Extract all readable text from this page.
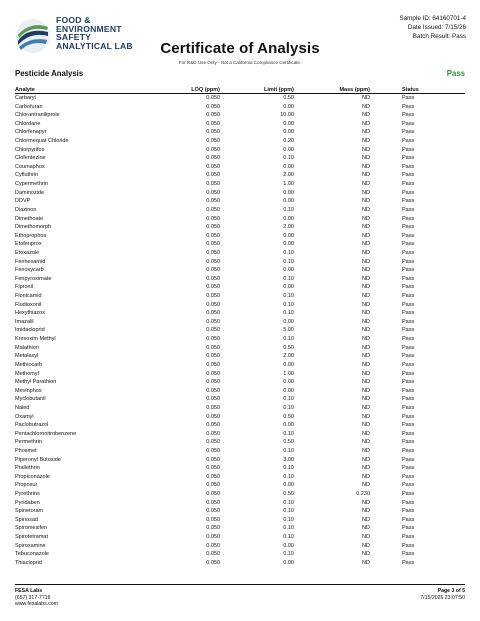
FOOD &
ENVIRONMENT
SAFETY
ANALYTICAL LAB	Certificate of Analysis
Sample ID: 64160701-4
Date Issued: 7/15/26
Batch Result: Pass
For R&D Use Only - Not a California Compliance Certificate.
Pesticide Analysis	Pass
Analyte	LOQ (ppm)	Limit (ppm)	Mass (ppm)	Status
Carbaryl	0.050	0.50	ND	Pass
Carbofuran	0.050	0.00	ND	Pass
Chlorantraniliprole	0.050	10.00	ND	Pass
Chlordane	0.050	0.00	ND	Pass
Chlorfenapyr	0.050	0.00	ND	Pass
Chlormequat Chloride	0.050	0.20	ND	Pass
Chlorpyrifos	0.050	0.00	ND	Pass
Clofentezine	0.050	0.10	ND	Pass
Coumaphos	0.050	0.00	ND	Pass
Cyfluthrin	0.050	2.00	ND	Pass
Cypermethrin	0.050	1.00	ND	Pass
Daminozide	0.050	0.00	ND	Pass
DDVP	0.050	0.00	ND	Pass
Diazinon	0.050	0.10	ND	Pass
Dimethoate	0.050	0.00	ND	Pass
Dimethomorph	0.050	2.00	ND	Pass
Ethoprophos	0.050	0.00	ND	Pass
Etofenprox	0.050	0.00	ND	Pass
Etoxazole	0.050	0.10	ND	Pass
Fenhexamid	0.050	0.10	ND	Pass
Fenoxycarb	0.050	0.00	ND	Pass
Fenpyroximate	0.050	0.10	ND	Pass
Fipronil	0.050	0.00	ND	Pass
Flonicamid	0.050	0.10	ND	Pass
Fludioxonil	0.050	0.10	ND	Pass
Hexythiazox	0.050	0.10	ND	Pass
Imazalil	0.050	0.00	ND	Pass
Imidacloprid	0.050	5.00	ND	Pass
Kresoxim Methyl	0.050	0.10	ND	Pass
Malathion	0.050	0.50	ND	Pass
Metalaxyl	0.050	2.00	ND	Pass
Methiocarb	0.050	0.00	ND	Pass
Methomyl	0.050	1.00	ND	Pass
Methyl Parathion	0.050	0.00	ND	Pass
Mevinphos	0.050	0.00	ND	Pass
Myclobutanil	0.050	0.10	ND	Pass
Naled	0.050	0.10	ND	Pass
Oxamyl	0.050	0.50	ND	Pass
Paclobutrazol	0.050	0.00	ND	Pass
Pentachloronitrobenzene	0.050	0.10	ND	Pass
Permethrin	0.050	0.50	ND	Pass
Phosmet	0.050	0.10	ND	Pass
Piperonyl Butoxide	0.050	3.00	ND	Pass
Prallethrin	0.050	0.10	ND	Pass
Propiconazole	0.050	0.10	ND	Pass
Propoxur	0.050	0.00	ND	Pass
Pyrethrins	0.050	0.50	0.230	Pass
Pyridaben	0.050	0.10	ND	Pass
Spinetoram	0.050	0.10	ND	Pass
Spinosad	0.050	0.10	ND	Pass
Spiromesifen	0.050	0.10	ND	Pass
Spirotetramat	0.050	0.10	ND	Pass
Spiroxamine	0.050	0.00	ND	Pass
Tebuconazole	0.050	0.10	ND	Pass
Thiacloprid	0.050	0.00	ND	Pass
FESA Labs
(657) 317-7716
www.fesalabs.com
Page 3 of 5
7/15/2026 23:07:50
